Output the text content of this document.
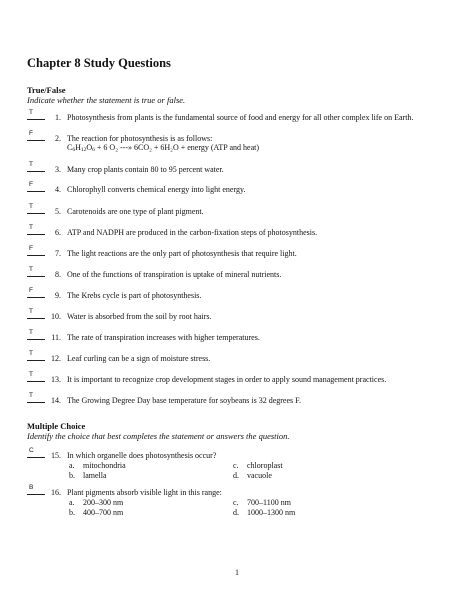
Chapter 8 Study Questions
True/False
Indicate whether the statement is true or false.
T
1. Photosynthesis from plants is the fundamental source of food and energy for all other complex life on Earth.
F
2. The reaction for photosynthesis is as follows:
$C_6H_{12}O_6 + 6$ O₂ ---» 6CO₂ + 6H₂O + energy (ATP and heat)
T
3. Many crop plants contain 80 to 95 percent water.
F
4. Chlorophyll converts chemical energy into light energy.
T
5. Carotenoids are one type of plant pigment.
T
6. ATP and NADPH are produced in the carbon-fixation steps of photosynthesis.
F
7. The light reactions are the only part of photosynthesis that require light.
T
8. One of the functions of transpiration is uptake of mineral nutrients.
F
9. The Krebs cycle is part of photosynthesis.
T
10. Water is absorbed from the soil by root hairs.
T
11. The rate of transpiration increases with higher temperatures.
T
12. Leaf curling can be a sign of moisture stress.
T
13. It is important to recognize crop development stages in order to apply sound management practices.
T
14. The Growing Degree Day base temperature for soybeans is 32 degrees F.
Multiple Choice
Identify the choice that best completes the statement or answers the question.
C
15. In which organelle does photosynthesis occur?
a. mitochondria	c. chloroplast
b. lamella	d. vacuole
B
16. Plant pigments absorb visible light in this range:
a. 200–300 nm	c. 700–1100 nm
b. 400–700 nm	d. 1000–1300 nm
1
